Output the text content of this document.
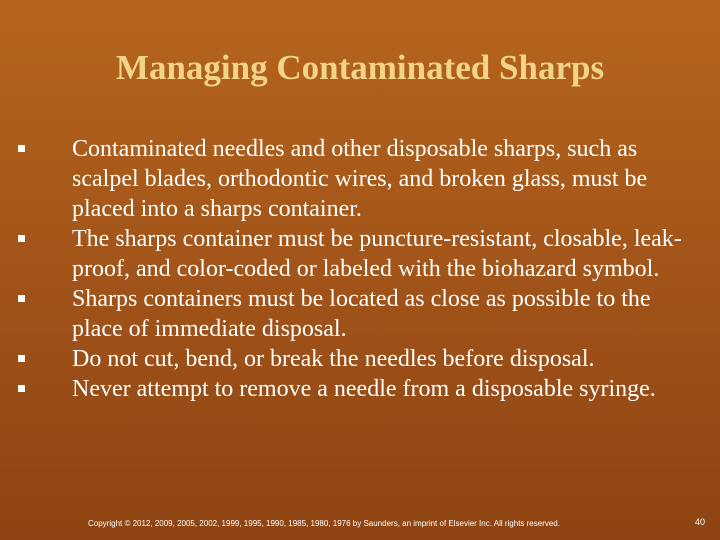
Managing Contaminated Sharps
Contaminated needles and other disposable sharps, such as scalpel blades, orthodontic wires, and broken glass, must be placed into a sharps container.
The sharps container must be puncture-resistant, closable, leak-proof, and color-coded or labeled with the biohazard symbol.
Sharps containers must be located as close as possible to the place of immediate disposal.
Do not cut, bend, or break the needles before disposal.
Never attempt to remove a needle from a disposable syringe.
Copyright © 2012, 2009, 2005, 2002, 1999, 1995, 1990, 1985, 1980, 1976 by Saunders, an imprint of Elsevier Inc. All rights reserved.	40
